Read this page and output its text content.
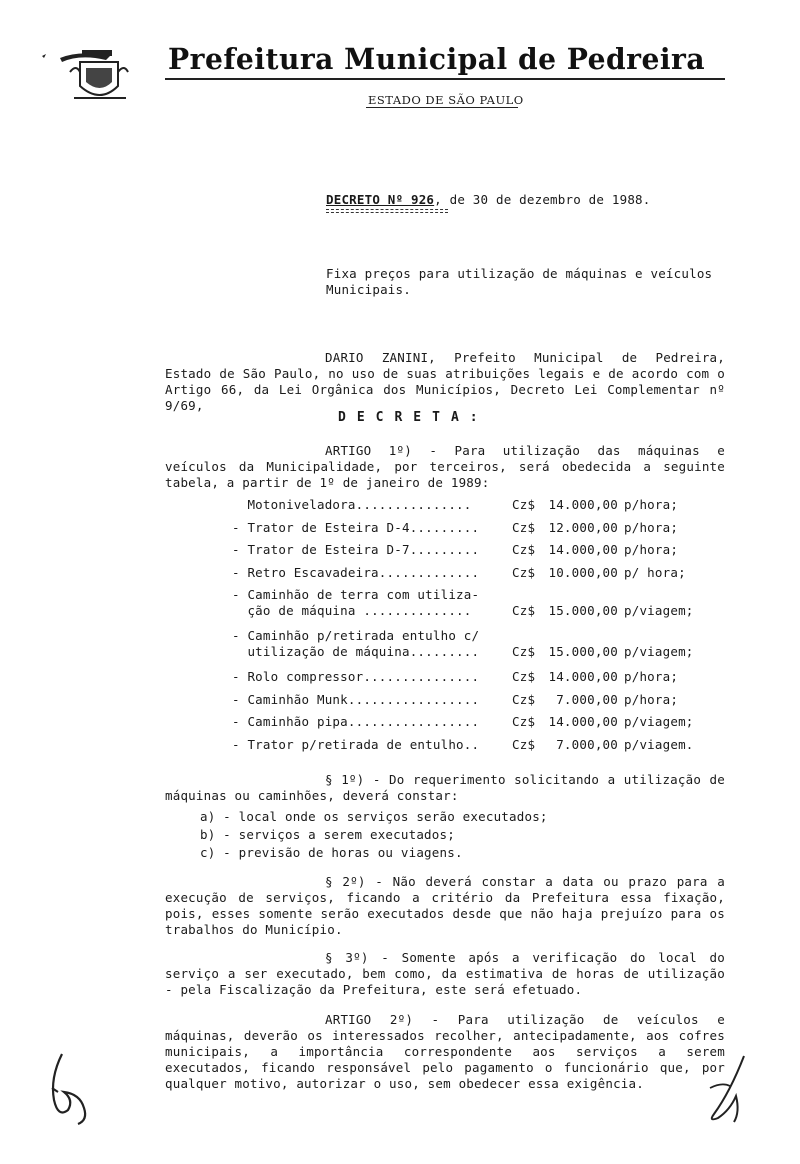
Prefeitura Municipal de Pedreira
ESTADO DE SÃO PAULO
DECRETO Nº 926, de 30 de dezembro de 1988.
Fixa preços para utilização de máquinas e veículos Municipais.
DARIO ZANINI, Prefeito Municipal de Pedreira, Estado de São Paulo, no uso de suas atribuições legais e de acordo com o Artigo 66, da Lei Orgânica dos Municípios, Decreto Lei Complementar nº 9/69,
DECRETA:
ARTIGO 1º) - Para utilização das máquinas e veículos da Municipalidade, por terceiros, será obedecida a seguinte tabela, a partir de 1º de janeiro de 1989:
Motoniveladora...............	Cz$	14.000,00 p/hora;
- Trator de Esteira D-4.........	Cz$	12.000,00 p/hora;
- Trator de Esteira D-7.........	Cz$	14.000,00 p/hora;
- Retro Escavadeira.............	Cz$	10.000,00 p/ hora;
- Caminhão de terra com utiliza-
ção de máquina ..............	Cz$	15.000,00 p/viagem;
- Caminhão p/retirada entulho c/
utilização de máquina.........	Cz$	15.000,00 p/viagem;
- Rolo compressor...............	Cz$	14.000,00 p/hora;
- Caminhão Munk.................	Cz$	7.000,00 p/hora;
- Caminhão pipa.................	Cz$	14.000,00 p/viagem;
- Trator p/retirada de entulho..	Cz$	7.000,00 p/viagem.
§ 1º) - Do requerimento solicitando a utilização de máquinas ou caminhões, deverá constar:
a) - local onde os serviços serão executados;
b) - serviços a serem executados;
c) - previsão de horas ou viagens.
§ 2º) - Não deverá constar a data ou prazo para a execução de serviços, ficando a critério da Prefeitura essa fixação, pois, esses somente serão executados desde que não haja prejuízo para os trabalhos do Município.
§ 3º) - Somente após a verificação do local do serviço a ser executado, bem como, da estimativa de horas de utilização - pela Fiscalização da Prefeitura, este será efetuado.
ARTIGO 2º) - Para utilização de veículos e máquinas, deverão os interessados recolher, antecipadamente, aos cofres municipais, a importância correspondente aos serviços a serem executados, ficando responsável pelo pagamento o funcionário que, por qualquer motivo, autorizar o uso, sem obedecer essa exigência.
